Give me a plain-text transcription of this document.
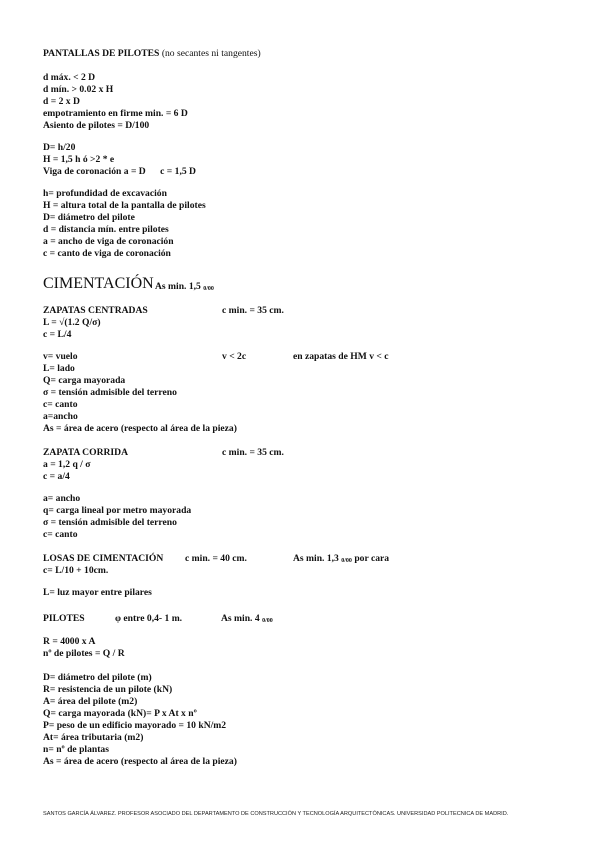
PANTALLAS DE PILOTES (no secantes ni tangentes)
d máx. < 2 D
d mín. > 0.02 x H
d = 2 x D
empotramiento en firme min. = 6 D
Asiento de pilotes = D/100
D= h/20
H = 1,5 h ó >2 * e
Viga de coronación a = D c = 1,5 D
h= profundidad de excavación
H = altura total de la pantalla de pilotes
D= diámetro del pilote
d = distancia mín. entre pilotes
a = ancho de viga de coronación
c = canto de viga de coronación
CIMENTACIÓN As min. 1,5 0/00
ZAPATAS CENTRADAS	c min. = 35 cm.
L = √(1.2 Q/σ)
c = L/4
v= vuelo	v < 2c	en zapatas de HM v < c
L= lado
Q= carga mayorada
σ = tensión admisible del terreno
c= canto
a=ancho
As = área de acero (respecto al área de la pieza)
ZAPATA CORRIDA	c min. = 35 cm.
a = 1,2 q / σ
c = a/4
a= ancho
q= carga lineal por metro mayorada
σ = tensión admisible del terreno
c= canto
LOSAS DE CIMENTACIÓN c min. = 40 cm.	As min. 1,3 0/00 por cara
c= L/10 + 10cm.
L= luz mayor entre pilares
PILOTES	φ entre 0,4- 1 m.	As min. 4 0/00
R = 4000 x A
nº de pilotes = Q / R
D= diámetro del pilote (m)
R= resistencia de un pilote (kN)
A= área del pilote (m2)
Q= carga mayorada (kN)= P x At x nº
P= peso de un edificio mayorado = 10 kN/m2
At= área tributaria (m2)
n= nº de plantas
As = área de acero (respecto al área de la pieza)
SANTOS GARCÍA ÁLVAREZ. PROFESOR ASOCIADO DEL DEPARTAMENTO DE CONSTRUCCIÓN Y TECNOLOGÍA ARQUITECTÓNICAS. UNIVERSIDAD POLITECNICA DE MADRID.
